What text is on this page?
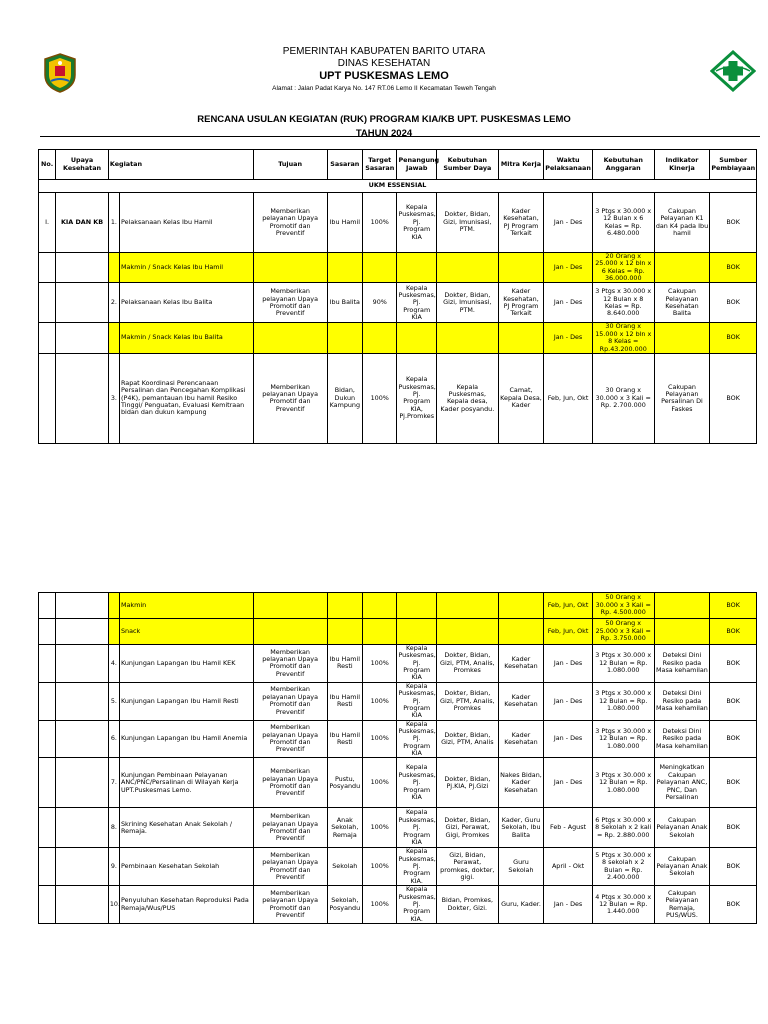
PEMERINTAH KABUPATEN BARITO UTARA
DINAS KESEHATAN
UPT PUSKESMAS LEMO
Alamat : Jalan Padat Karya No. 147 RT.06 Lemo II Kecamatan Teweh Tengah
RENCANA USULAN KEGIATAN (RUK) PROGRAM KIA/KB UPT. PUSKESMAS LEMO
TAHUN 2024
No.	Upaya Kesehatan	Kegiatan		Tujuan	Sasaran	Target Sasaran	Penangung Jawab	Kebutuhan Sumber Daya	Mitra Kerja	Waktu Pelaksanaan	Kebutuhan Anggaran	Indikator Kinerja	Sumber Pembiayaan
UKM ESSENSIAL													
I.	KIA DAN KB	1.	Pelaksanaan Kelas Ibu Hamil	Memberikan pelayanan Upaya Promotif dan Preventif	Ibu Hamil	100%	Kepala Puskesmas, Pj. Program KIA	Dokter, Bidan, Gizi, Imunisasi, PTM.	Kader Kesehatan, PJ Program Terkait	Jan - Des	3 Ptgs x 30.000 x 12 Bulan x 6 Kelas = Rp. 6.480.000	Cakupan Pelayanan K1 dan K4 pada Ibu hamil	BOK
			Makmin / Snack Kelas Ibu Hamil							Jan - Des	20 Orang x 25.000 x 12 bln x 6 Kelas = Rp. 36.000.000		BOK
		2.	Pelaksanaan Kelas Ibu Balita	Memberikan pelayanan Upaya Promotif dan Preventif	Ibu Balita	90%	Kepala Puskesmas, Pj. Program KIA	Dokter, Bidan, Gizi, Imunisasi, PTM.	Kader Kesehatan, PJ Program Terkait	Jan - Des	3 Ptgs x 30.000 x 12 Bulan x 8 Kelas = Rp. 8.640.000	Cakupan Pelayanan Kesehatan Balita	BOK
			Makmin / Snack Kelas Ibu Balita							Jan - Des	30 Orang x 15.000 x 12 bln x 8 Kelas = Rp.43.200.000		BOK
		3.	Rapat Koordinasi Perencanaan Persalinan dan Pencegahan Komplikasi (P4K), pemantauan Ibu hamil Resiko Tinggi/ Penguatan, Evaluasi Kemitraan bidan dan dukun kampung	Memberikan pelayanan Upaya Promotif dan Preventif	Bidan, Dukun Kampung	100%	Kepala Puskesmas, Pj. Program KIA, Pj.Promkes	Kepala Puskesmas, Kepala desa, Kader posyandu.	Camat, Kepala Desa, Kader	Feb, Jun, Okt	30 Orang x 30.000 x 3 Kali = Rp. 2.700.000	Cakupan Pelayanan Persalinan Di Faskes	BOK
			Makmin							Feb, Jun, Okt	50 Orang x 30.000 x 3 Kali = Rp. 4.500.000		BOK
			Snack							Feb, Jun, Okt	50 Orang x 25.000 x 3 Kali = Rp. 3.750.000		BOK
		4.	Kunjungan Lapangan Ibu Hamil KEK	Memberikan pelayanan Upaya Promotif dan Preventif	Ibu Hamil Resti	100%	Kepala Puskesmas, Pj. Program KIA	Dokter, Bidan, Gizi, PTM, Analis, Promkes	Kader Kesehatan	Jan - Des	3 Ptgs x 30.000 x 12 Bulan = Rp. 1.080.000	Deteksi Dini Resiko pada Masa kehamilan	BOK
		5.	Kunjungan Lapangan Ibu Hamil Resti	Memberikan pelayanan Upaya Promotif dan Preventif	Ibu Hamil Resti	100%	Kepala Puskesmas, Pj. Program KIA	Dokter, Bidan, Gizi, PTM, Analis, Promkes	Kader Kesehatan	Jan - Des	3 Ptgs x 30.000 x 12 Bulan = Rp. 1.080.000	Deteksi Dini Resiko pada Masa kehamilan	BOK
		6.	Kunjungan Lapangan Ibu Hamil Anemia	Memberikan pelayanan Upaya Promotif dan Preventif	Ibu Hamil Resti	100%	Kepala Puskesmas, Pj. Program KIA	Dokter, Bidan, Gizi, PTM, Analis	Kader Kesehatan	Jan - Des	3 Ptgs x 30.000 x 12 Bulan = Rp. 1.080.000	Deteksi Dini Resiko pada Masa kehamilan	BOK
		7.	Kunjungan Pembinaan Pelayanan ANC/PNC/Persalinan di Wilayah Kerja UPT.Puskesmas Lemo.	Memberikan pelayanan Upaya Promotif dan Preventif	Pustu, Posyandu	100%	Kepala Puskesmas, Pj. Program KIA	Dokter, Bidan, Pj.KIA, Pj.Gizi	Nakes Bidan, Kader Kesehatan	Jan - Des	3 Ptgs x 30.000 x 12 Bulan = Rp. 1.080.000	Meningkatkan Cakupan Pelayanan ANC, PNC, Dan Persalinan	BOK
		8.	Skrining Kesehatan Anak Sekolah / Remaja.	Memberikan pelayanan Upaya Promotif dan Preventif	Anak Sekolah, Remaja	100%	Kepala Puskesmas, Pj. Program KIA	Dokter, Bidan, Gizi, Perawat, Gigi, Promkes	Kader, Guru Sekolah, Ibu Balita	Feb - Agust	6 Ptgs x 30.000 x 8 Sekolah x 2 kali = Rp. 2.880.000	Cakupan Pelayanan Anak Sekolah	BOK
		9.	Pembinaan Kesehatan Sekolah	Memberikan pelayanan Upaya Promotif dan Preventif	Sekolah	100%	Kepala Puskesmas, Pj. Program KIA.	Gizi, Bidan, Perawat, promkes, dokter, gigi.	Guru Sekolah	April - Okt	5 Ptgs x 30.000 x 8 sekolah x 2 Bulan = Rp. 2.400.000	Cakupan Pelayanan Anak Sekolah	BOK
		10.	Penyuluhan Kesehatan Reproduksi Pada Remaja/Wus/PUS	Memberikan pelayanan Upaya Promotif dan Preventif	Sekolah, Posyandu	100%	Kepala Puskesmas, Pj. Program KIA.	Bidan, Promkes, Dokter, Gizi.	Guru, Kader.	Jan - Des	4 Ptgs x 30.000 x 12 Bulan = Rp. 1.440.000	Cakupan Pelayanan Remaja, PUS/WUS.	BOK
